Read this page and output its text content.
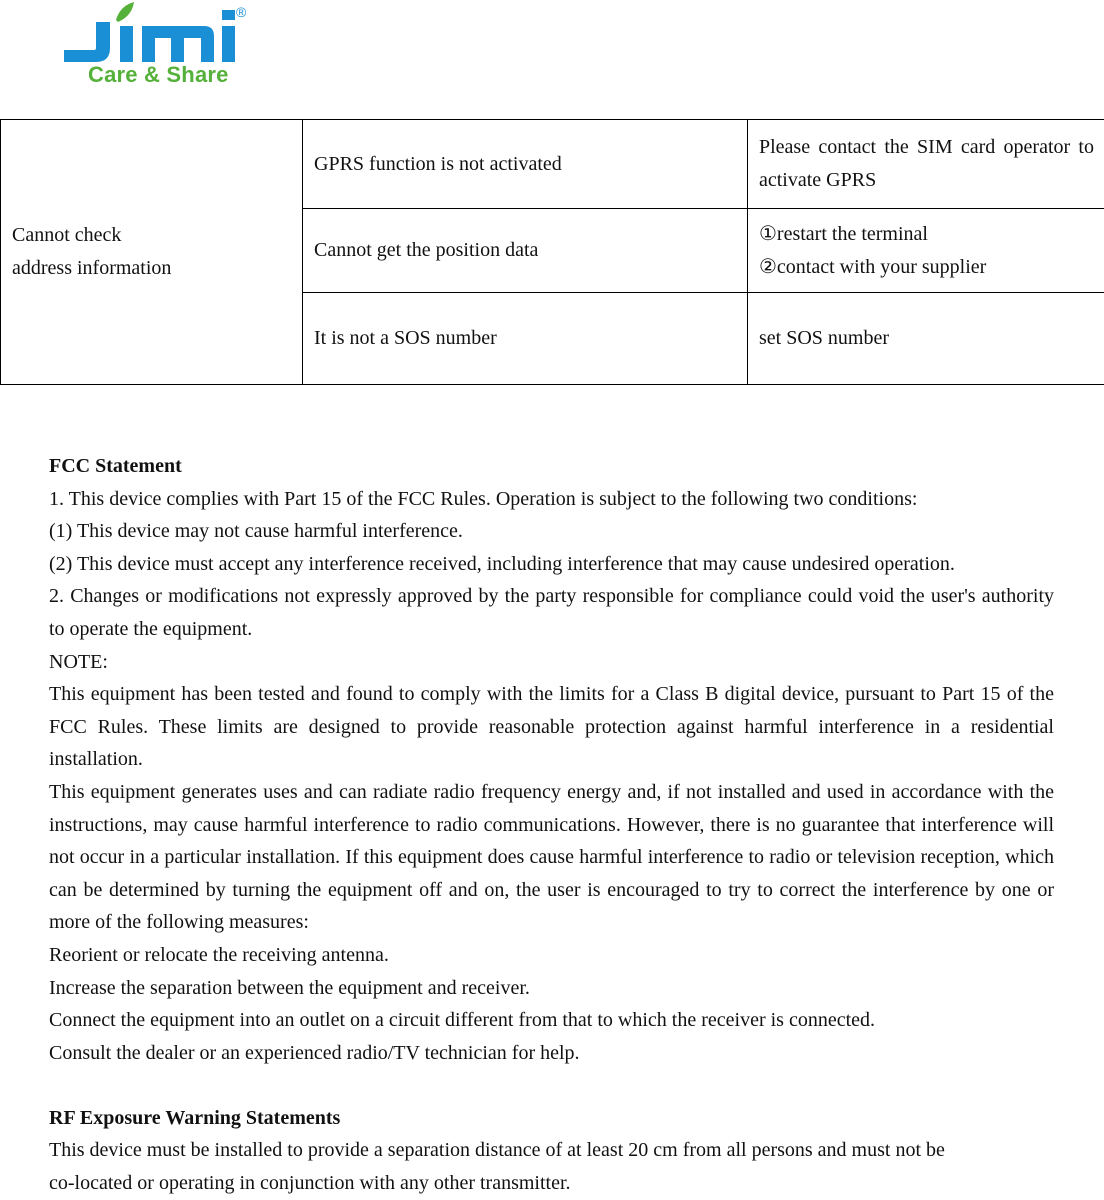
®
Care & Share
Cannot check
address information	GPRS function is not activated	Please contact the SIM card operator to activate GPRS

	Cannot get the position data	①restart the terminal
②contact with your supplier

	It is not a SOS number	set SOS number

FCC Statement

1. This device complies with Part 15 of the FCC Rules. Operation is subject to the following two conditions:

(1) This device may not cause harmful interference.

(2) This device must accept any interference received, including interference that may cause undesired operation.

2. Changes or modifications not expressly approved by the party responsible for compliance could void the user's authority to operate the equipment.

NOTE:

This equipment has been tested and found to comply with the limits for a Class B digital device, pursuant to Part 15 of the FCC Rules. These limits are designed to provide reasonable protection against harmful interference in a residential installation.

This equipment generates uses and can radiate radio frequency energy and, if not installed and used in accordance with the instructions, may cause harmful interference to radio communications. However, there is no guarantee that interference will not occur in a particular installation. If this equipment does cause harmful interference to radio or television reception, which can be determined by turning the equipment off and on, the user is encouraged to try to correct the interference by one or more of the following measures:

Reorient or relocate the receiving antenna.

Increase the separation between the equipment and receiver.

Connect the equipment into an outlet on a circuit different from that to which the receiver is connected.

Consult the dealer or an experienced radio/TV technician for help.

RF Exposure Warning Statements

This device must be installed to provide a separation distance of at least 20 cm from all persons and must not be

co-located or operating in conjunction with any other transmitter.
